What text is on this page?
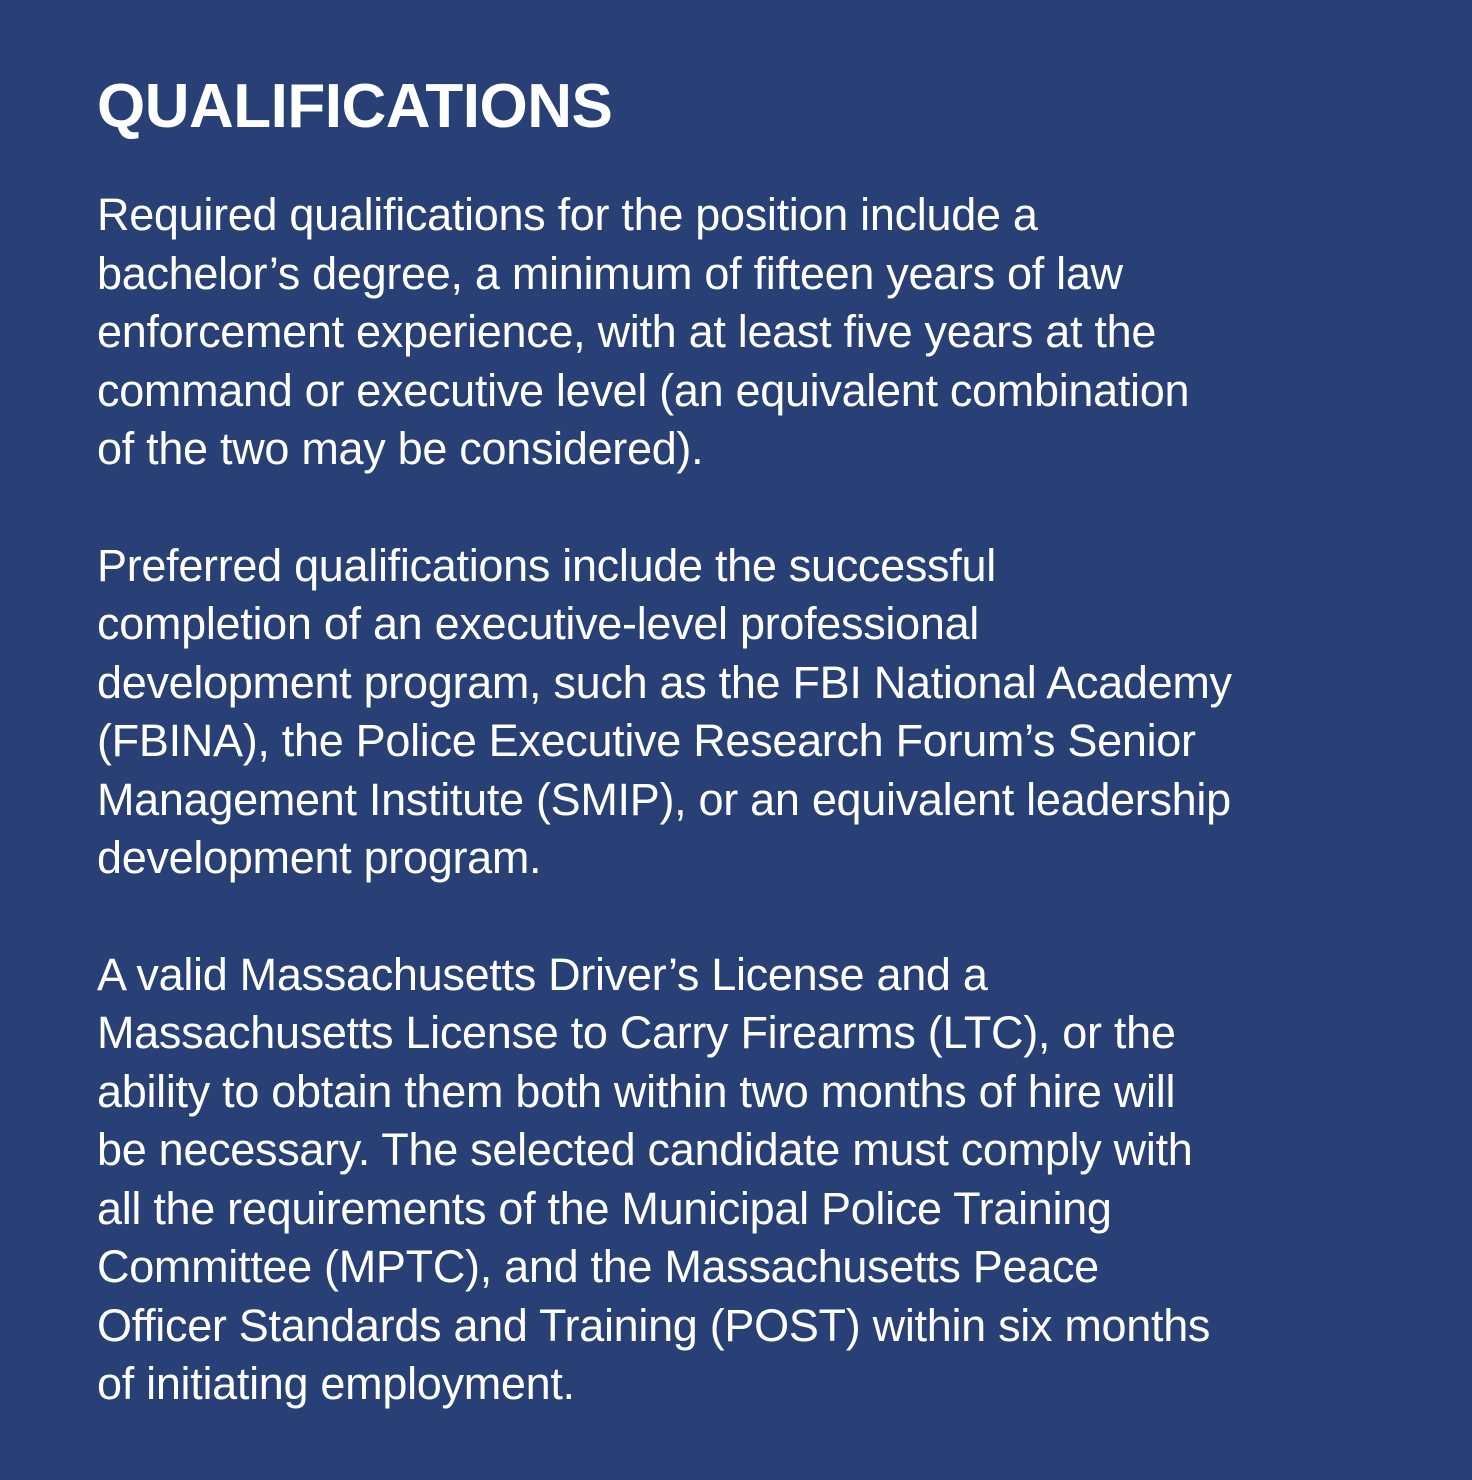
QUALIFICATIONS

Required qualifications for the position include a
bachelor’s degree, a minimum of fifteen years of law
enforcement experience, with at least five years at the
command or executive level (an equivalent combination
of the two may be considered).

Preferred qualifications include the successful
completion of an executive-level professional
development program, such as the FBI National Academy
(FBINA), the Police Executive Research Forum’s Senior
Management Institute (SMIP), or an equivalent leadership
development program.

A valid Massachusetts Driver’s License and a
Massachusetts License to Carry Firearms (LTC), or the
ability to obtain them both within two months of hire will
be necessary. The selected candidate must comply with
all the requirements of the Municipal Police Training
Committee (MPTC), and the Massachusetts Peace
Officer Standards and Training (POST) within six months
of initiating employment.
